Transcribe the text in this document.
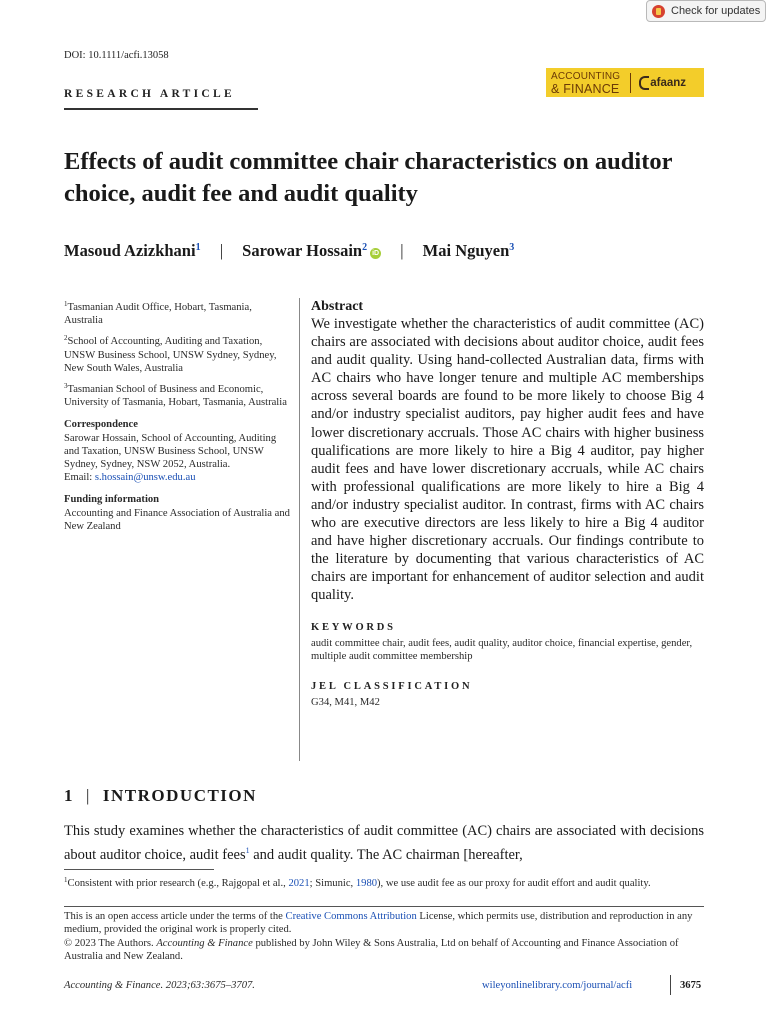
Check for updates
DOI: 10.1111/acfi.13058
RESEARCH ARTICLE
ACCOUNTING
& FINANCE	afaanz
Effects of audit committee chair characteristics on auditor choice, audit fee and audit quality
Masoud Azizkhani$^1$ | Sarowar Hossain$^2$iD | Mai Nguyen$^3$

$^1$Tasmanian Audit Office, Hobart, Tasmania, Australia

$^2$School of Accounting, Auditing and Taxation, UNSW Business School, UNSW Sydney, Sydney, New South Wales, Australia

$^3$Tasmanian School of Business and Economic, University of Tasmania, Hobart, Tasmania, Australia

Correspondence

Sarowar Hossain, School of Accounting, Auditing and Taxation, UNSW Business School, UNSW Sydney, Sydney, NSW 2052, Australia.

Email: s.hossain@unsw.edu.au

Funding information

Accounting and Finance Association of Australia and New Zealand

Abstract

We investigate whether the characteristics of audit committee (AC) chairs are associated with decisions about auditor choice, audit fees and audit quality. Using hand-collected Australian data, firms with AC chairs who have longer tenure and multiple AC memberships across several boards are found to be more likely to choose Big 4 and/or industry specialist auditors, pay higher audit fees and have lower discretionary accruals. Those AC chairs with higher business qualifications are more likely to hire a Big 4 auditor, pay higher audit fees and have lower discretionary accruals, while AC chairs with professional qualifications are more likely to hire a Big 4 and/or industry specialist auditor. In contrast, firms with AC chairs who are executive directors are less likely to hire a Big 4 auditor and have higher discretionary accruals. Our findings contribute to the literature by documenting that various characteristics of AC chairs are important for enhancement of auditor selection and audit quality.

KEYWORDS
audit committee chair, audit fees, audit quality, auditor choice, financial expertise, gender, multiple audit committee membership
JEL CLASSIFICATION
G34, M41, M42
1 | INTRODUCTION

This study examines whether the characteristics of audit committee (AC) chairs are associated with decisions about auditor choice, audit fees$^1$ and audit quality. The AC chairman [hereafter,

$^1$Consistent with prior research (e.g., Rajgopal et al., 2021; Simunic, 1980), we use audit fee as our proxy for audit effort and audit quality.

This is an open access article under the terms of the Creative Commons Attribution License, which permits use, distribution and reproduction in any medium, provided the original work is properly cited.
© 2023 The Authors. Accounting & Finance published by John Wiley & Sons Australia, Ltd on behalf of Accounting and Finance Association of Australia and New Zealand.

Accounting & Finance. 2023;63:3675–3707.	wileyonlinelibrary.com/journal/acfi	3675
